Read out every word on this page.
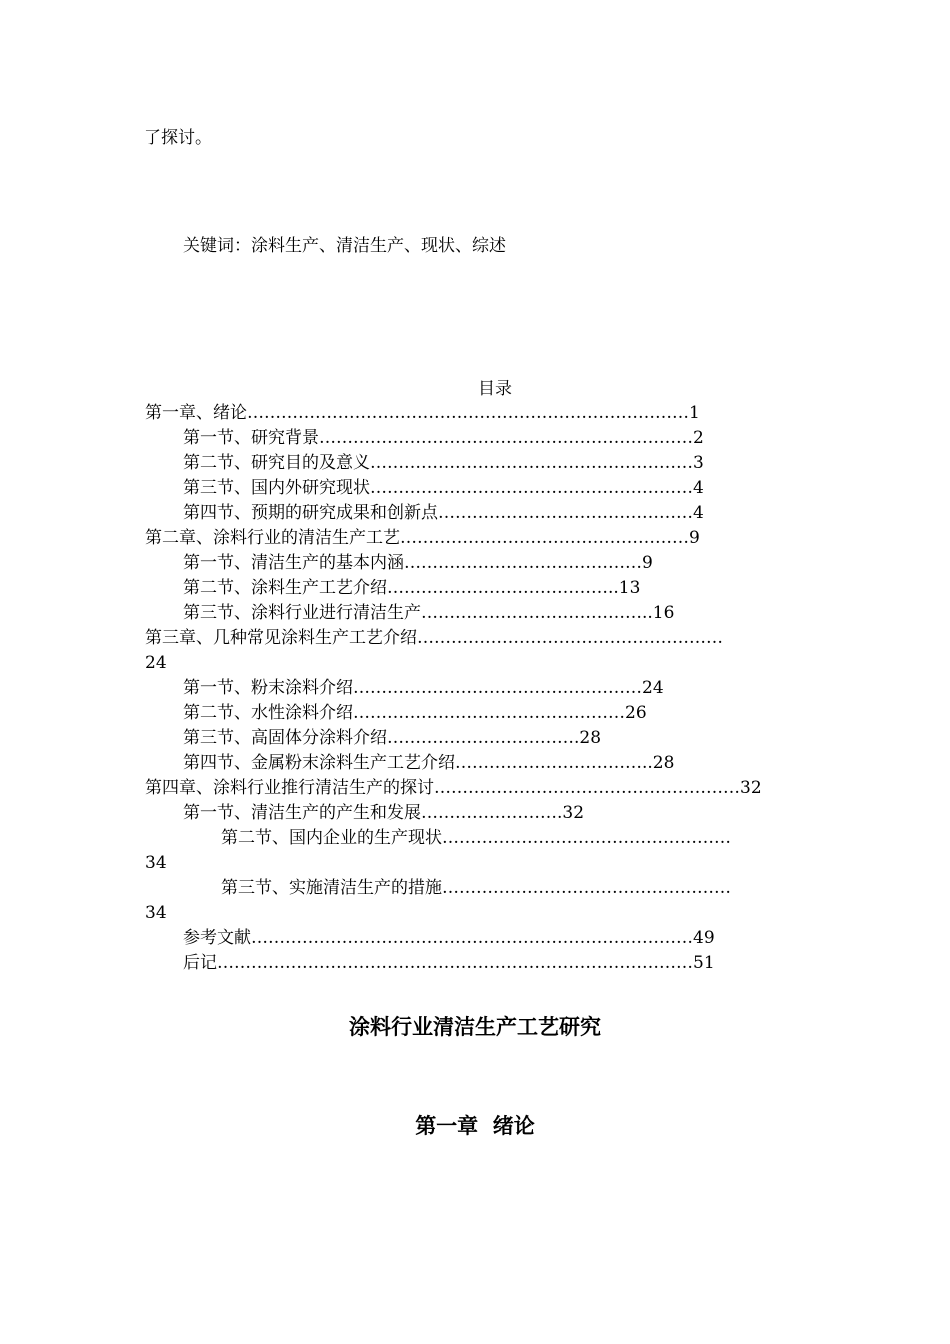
了探讨。
关键词：涂料生产、清洁生产、现状、综述
目录
第一章、绪论……………………………………………………………………1
第一节、研究背景…………………………………………………………2
第二节、研究目的及意义…………………………………………………3
第三节、国内外研究现状…………………………………………………4
第四节、预期的研究成果和创新点………………………………………4
第二章、涂料行业的清洁生产工艺……………………………………………9
第一节、清洁生产的基本内涵……………………………………9
第二节、涂料生产工艺介绍…………………………………..13
第三节、涂料行业进行清洁生产…………………………………..16
第三章、几种常见涂料生产工艺介绍………………………………………………
24
第一节、粉末涂料介绍……………………………………………24
第二节、水性涂料介绍…………………………………………26
第三节、高固体分涂料介绍…………………………….28
第四节、金属粉末涂料生产工艺介绍……………………………..28
第四章、涂料行业推行清洁生产的探讨………………………………………………32
第一节、清洁生产的产生和发展…………………….32
第二节、国内企业的生产现状……………………………………………
34
第三节、实施清洁生产的措施……………………………………………
34
参考文献……………………………………………………………………49
后记…………………………………………………………………………51
涂料行业清洁生产工艺研究
第一章  绪论
